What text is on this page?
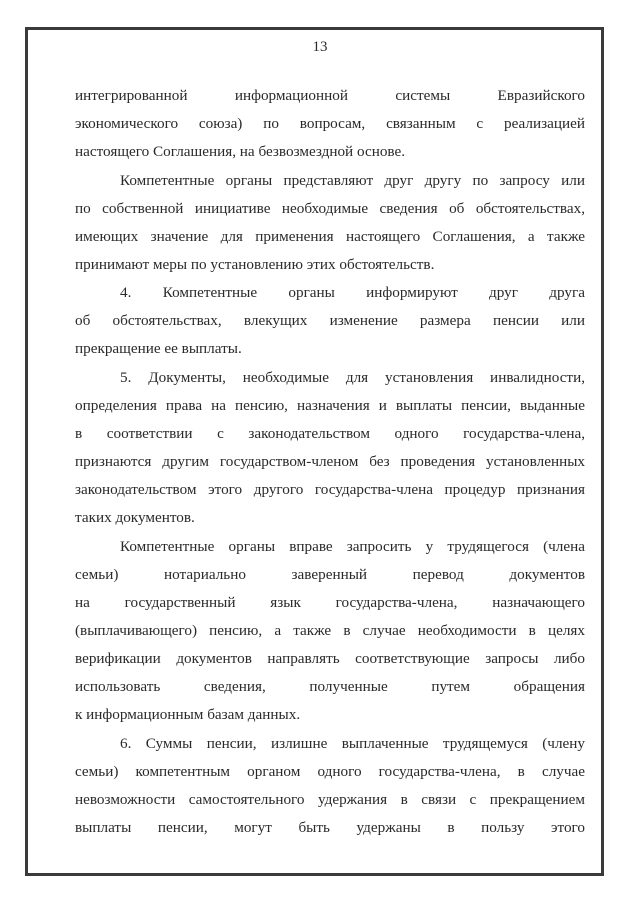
13
интегрированной информационной системы Евразийского
экономического союза) по вопросам, связанным с реализацией
настоящего Соглашения, на безвозмездной основе.
Компетентные органы представляют друг другу по запросу или
по собственной инициативе необходимые сведения об обстоятельствах,
имеющих значение для применения настоящего Соглашения, а также
принимают меры по установлению этих обстоятельств.
4. Компетентные органы информируют друг друга
об обстоятельствах, влекущих изменение размера пенсии или
прекращение ее выплаты.
5. Документы, необходимые для установления инвалидности,
определения права на пенсию, назначения и выплаты пенсии, выданные
в соответствии с законодательством одного государства-члена,
признаются другим государством-членом без проведения установленных
законодательством этого другого государства-члена процедур признания
таких документов.
Компетентные органы вправе запросить у трудящегося (члена
семьи) нотариально заверенный перевод документов
на государственный язык государства-члена, назначающего
(выплачивающего) пенсию, а также в случае необходимости в целях
верификации документов направлять соответствующие запросы либо
использовать сведения, полученные путем обращения
к информационным базам данных.
6. Суммы пенсии, излишне выплаченные трудящемуся (члену
семьи) компетентным органом одного государства-члена, в случае
невозможности самостоятельного удержания в связи с прекращением
выплаты пенсии, могут быть удержаны в пользу этого
